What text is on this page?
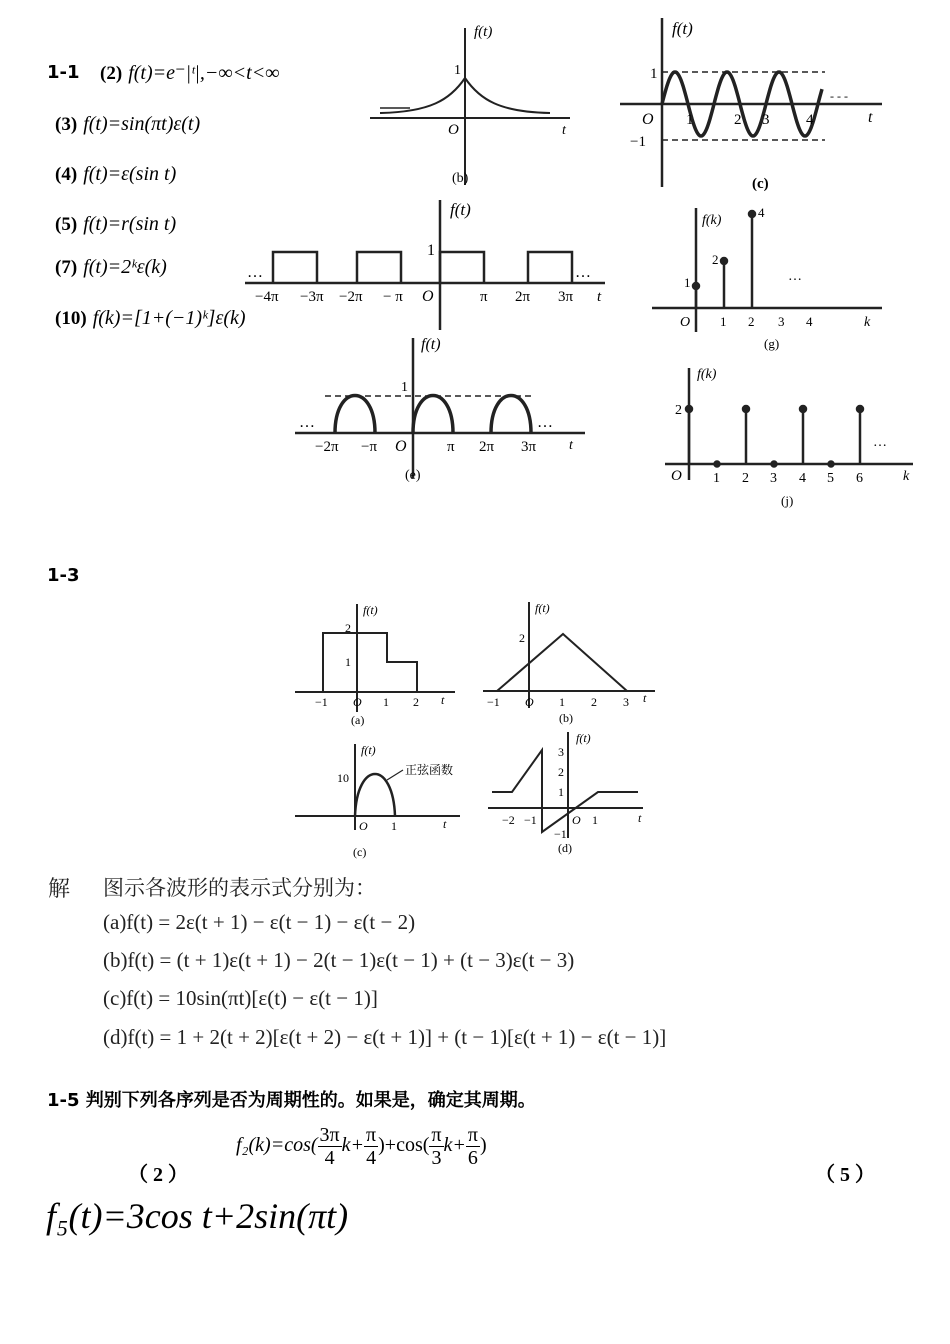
1-1 (2) f(t)=e⁻|ᵗ|,−∞<t<∞
(3) f(t)=sin(πt)ε(t)
(4) f(t)=ε(sin t)
(5) f(t)=r(sin t)
(7) f(t)=2ᵏε(k)
(10) f(k)=[1+(−1)ᵏ]ε(k)
f(t)
1
O	t
(b)
f(t)
1
O 1	2 3 4	t
−1
(c)
- - -
f(t)
1
…	…
−4π −3π −2π − π O	π 2π 3π t
f(k)
1
2
4
…
O 1 2 3 4	k
(g)
f(t)
1
…	…
−2π −π O	π 2π 3π t
(e)
f(k)
2
…
O 1 2 3 4 5 6	k
(j)
1-3
f(t)
2
1
−1 O 1 2 t
(a)
f(t)
2
−1 O 1 2 3 t
(b)
f(t)
10
正弦函数
O 1	t
(c)
f(t)
3
2
1
−1
−2 −1	O 1	t
(d)
解 图示各波形的表示式分别为：
(a)f(t) = 2ε(t + 1) − ε(t − 1) − ε(t − 2)
(b)f(t) = (t + 1)ε(t + 1) − 2(t − 1)ε(t − 1) + (t − 3)ε(t − 3)
(c)f(t) = 10sin(πt)[ε(t) − ε(t − 1)]
(d)f(t) = 1 + 2(t + 2)[ε(t + 2) − ε(t + 1)] + (t − 1)[ε(t + 1) − ε(t − 1)]
1-5 判别下列各序列是否为周期性的。如果是，确定其周期。
（ 2 ）
$f_2(k)=\cos( \frac{3\pi}{4} k+ \frac{\pi}{4} )+\cos( \frac{\pi}{3} k+ \frac{\pi}{6}$ )
（ 5 ）
f₅(t)=3cos t+2sin(πt)
